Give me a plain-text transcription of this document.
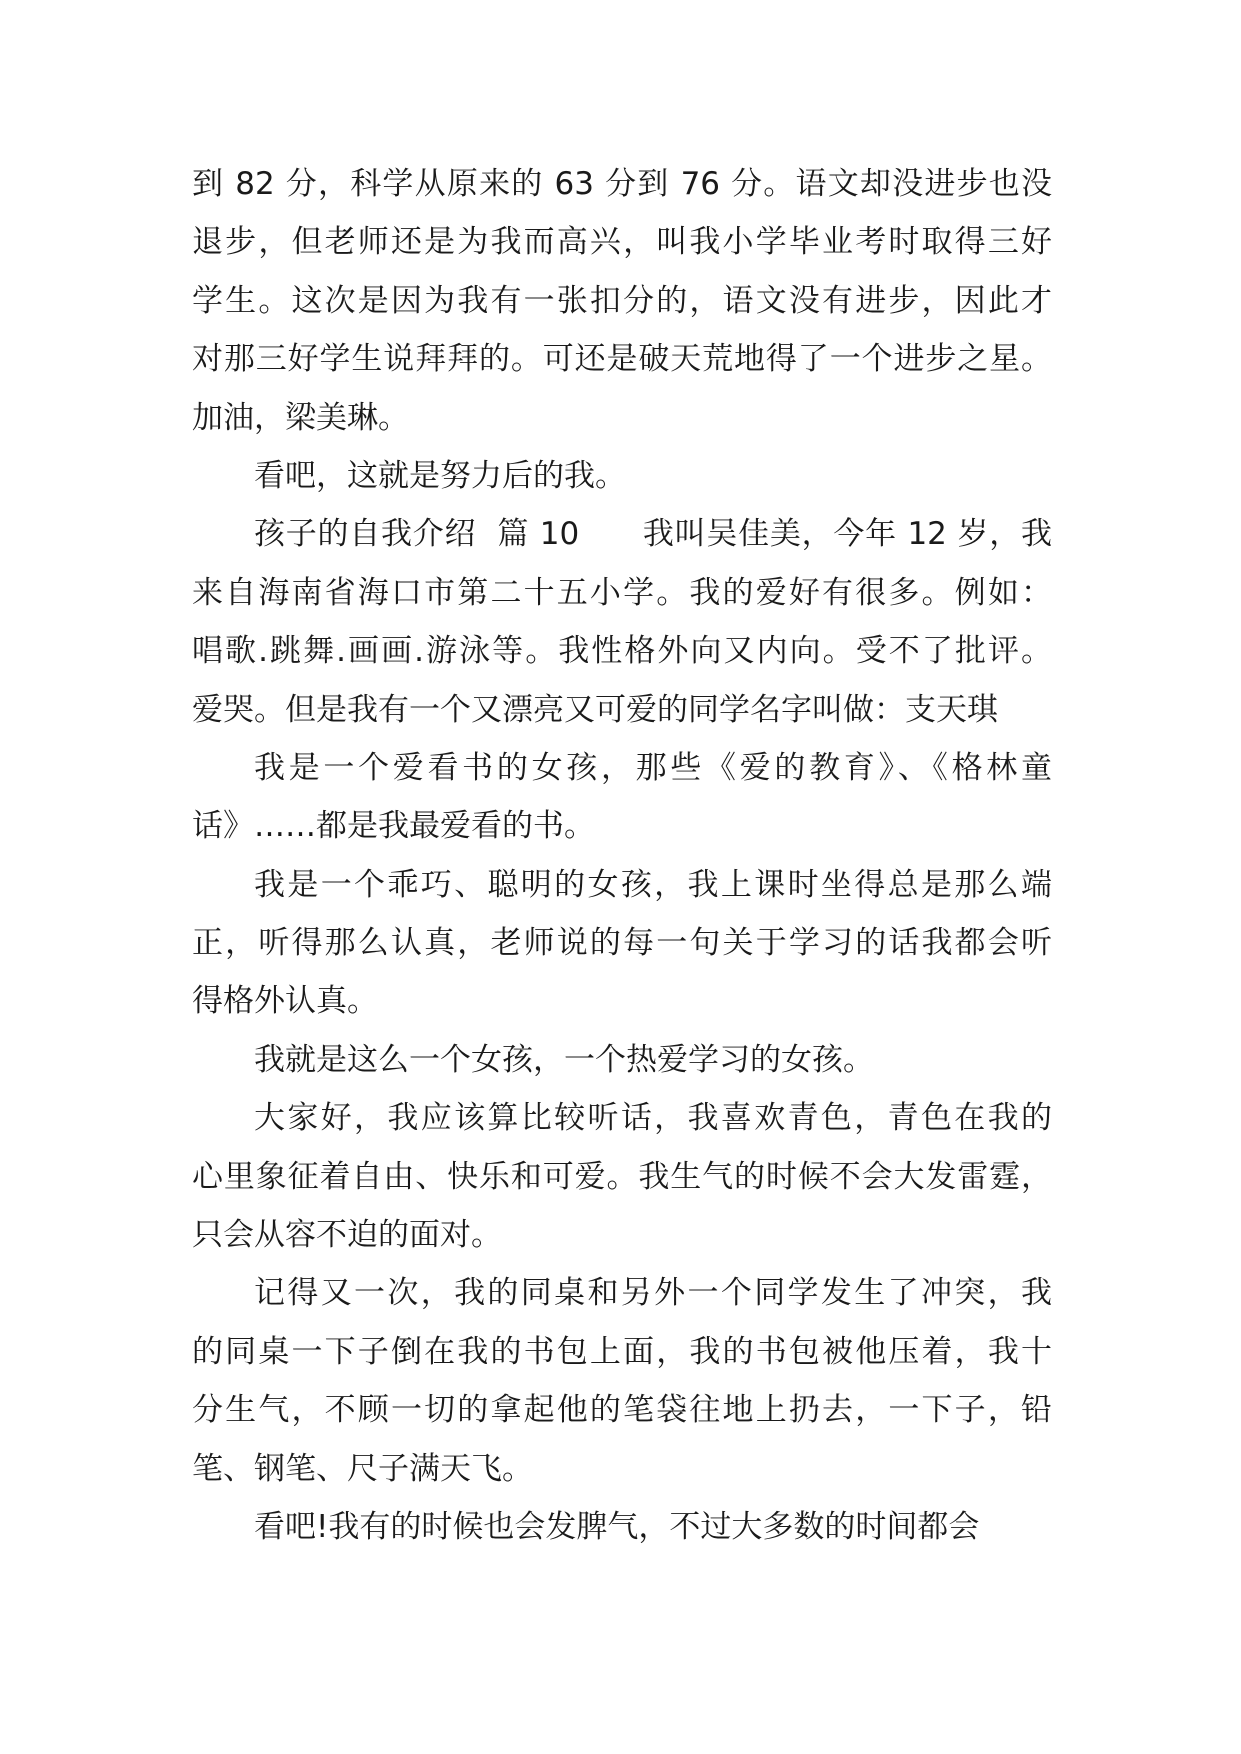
到 82 分，科学从原来的 63 分到 76 分。语文却没进步也没
退步，但老师还是为我而高兴，叫我小学毕业考时取得三好
学生。这次是因为我有一张扣分的，语文没有进步，因此才
对那三好学生说拜拜的。可还是破天荒地得了一个进步之星。
加油，梁美琳。
看吧，这就是努力后的我。
孩子的自我介绍  篇 10      我叫吴佳美，今年 12 岁，我
来自海南省海口市第二十五小学。我的爱好有很多。例如：
唱歌.跳舞.画画.游泳等。我性格外向又内向。受不了批评。
爱哭。但是我有一个又漂亮又可爱的同学名字叫做：支天琪
我是一个爱看书的女孩，那些《爱的教育》、《格林童
话》……都是我最爱看的书。
我是一个乖巧、聪明的女孩，我上课时坐得总是那么端
正，听得那么认真，老师说的每一句关于学习的话我都会听
得格外认真。
我就是这么一个女孩，一个热爱学习的女孩。
大家好，我应该算比较听话，我喜欢青色，青色在我的
心里象征着自由、快乐和可爱。我生气的时候不会大发雷霆，
只会从容不迫的面对。
记得又一次，我的同桌和另外一个同学发生了冲突，我
的同桌一下子倒在我的书包上面，我的书包被他压着，我十
分生气，不顾一切的拿起他的笔袋往地上扔去，一下子，铅
笔、钢笔、尺子满天飞。
看吧!我有的时候也会发脾气，不过大多数的时间都会
